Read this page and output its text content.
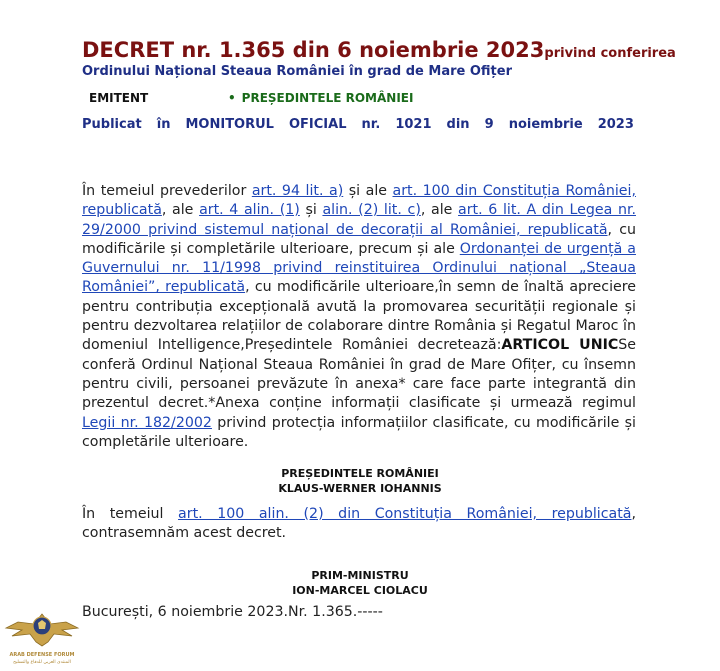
DECRET nr. 1.365 din 6 noiembrie 2023privind conferirea
Ordinului Național Steaua României în grad de Mare Ofițer
EMITENT	• PREȘEDINTELE ROMÂNIEI
Publicat în MONITORUL OFICIAL nr. 1021 din 9 noiembrie 2023
În temeiul prevederilor art. 94 lit. a) și ale art. 100 din Constituția României, republicată, ale art. 4 alin. (1) și alin. (2) lit. c), ale art. 6 lit. A din Legea nr. 29/2000 privind sistemul național de decorații al României, republicată, cu modificările și completările ulterioare, precum și ale Ordonanței de urgență a Guvernului nr. 11/1998 privind reinstituirea Ordinului național „Steaua României”, republicată, cu modificările ulterioare,în semn de înaltă apreciere pentru contribuția excepțională avută la promovarea securității regionale și pentru dezvoltarea relațiilor de colaborare dintre România și Regatul Maroc în domeniul Intelligence,Președintele României decretează:ARTICOL UNICSe conferă Ordinul Național Steaua României în grad de Mare Ofițer, cu însemn pentru civili, persoanei prevăzute în anexa* care face parte integrantă din prezentul decret.*Anexa conține informații clasificate și urmează regimul Legii nr. 182/2002 privind protecția informațiilor clasificate, cu modificările și completările ulterioare.
PREȘEDINTELE ROMÂNIEI
KLAUS-WERNER IOHANNIS
În temeiul art. 100 alin. (2) din Constituția României, republicată, contrasemnăm acest decret.
PRIM-MINISTRU
ION-MARCEL CIOLACU
București, 6 noiembrie 2023.Nr. 1.365.-----
ARAB DEFENSE FORUM
المنتدى العربي للدفاع والتسليح
